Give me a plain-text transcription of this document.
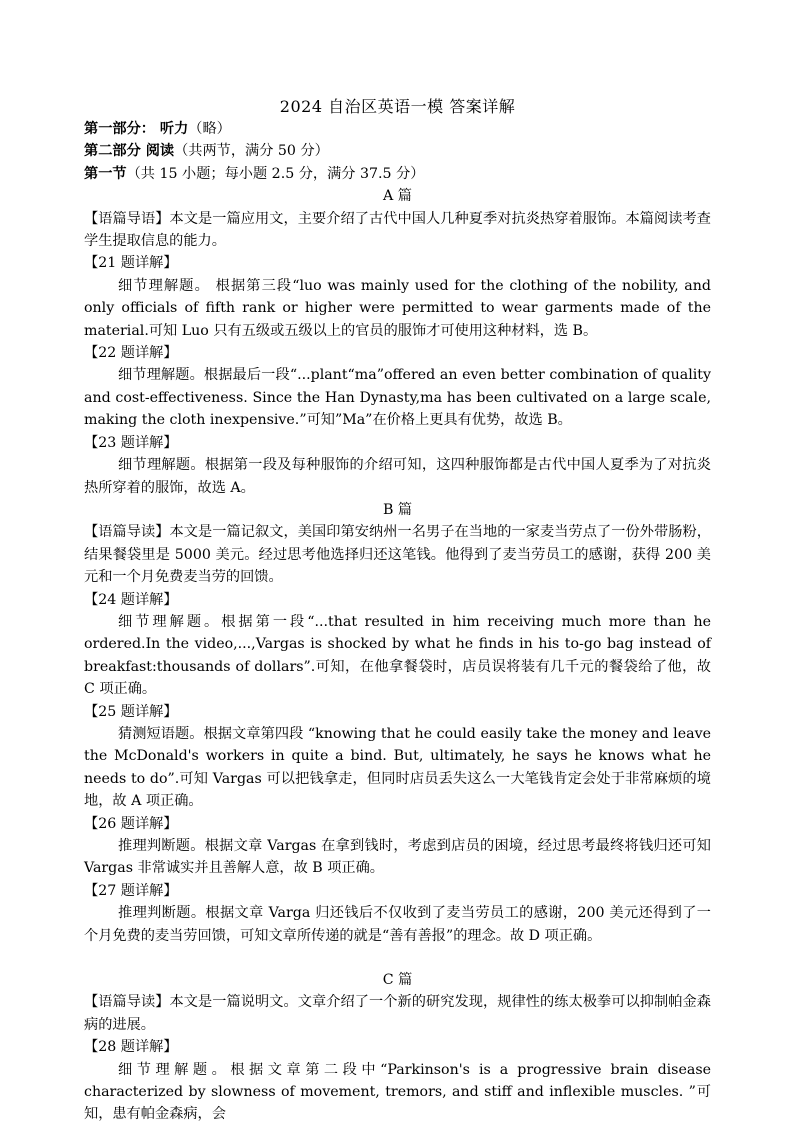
2024 自治区英语一模 答案详解
第一部分： 听力（略）
第二部分 阅读（共两节，满分 50 分）
第一节（共 15 小题；每小题 2.5 分，满分 37.5 分）
A 篇
【语篇导语】本文是一篇应用文，主要介绍了古代中国人几种夏季对抗炎热穿着服饰。本篇阅读考查学生提取信息的能力。
【21 题详解】
细节理解题。 根据第三段“luo was mainly used for the clothing of the nobility, and only officials of fifth rank or higher were permitted to wear garments made of the material.可知 Luo 只有五级或五级以上的官员的服饰才可使用这种材料，选 B。
【22 题详解】
细节理解题。根据最后一段“...plant“ma”offered an even better combination of quality and cost-effectiveness. Since the Han Dynasty,ma has been cultivated on a large scale, making the cloth inexpensive.”可知”Ma”在价格上更具有优势，故选 B。
【23 题详解】
细节理解题。根据第一段及每种服饰的介绍可知，这四种服饰都是古代中国人夏季为了对抗炎热所穿着的服饰，故选 A。
B 篇
【语篇导读】本文是一篇记叙文，美国印第安纳州一名男子在当地的一家麦当劳点了一份外带肠粉，结果餐袋里是 5000 美元。经过思考他选择归还这笔钱。他得到了麦当劳员工的感谢，获得 200 美元和一个月免费麦当劳的回馈。
【24 题详解】
细节理解题。根据第一段“...that resulted in him receiving much more than he ordered.In the video,...,Vargas is shocked by what he finds in his to-go bag instead of breakfast:thousands of dollars”.可知，在他拿餐袋时，店员误将装有几千元的餐袋给了他，故 C 项正确。
【25 题详解】
猜测短语题。根据文章第四段 “knowing that he could easily take the money and leave the McDonald's workers in quite a bind. But, ultimately, he says he knows what he needs to do”.可知 Vargas 可以把钱拿走，但同时店员丢失这么一大笔钱肯定会处于非常麻烦的境地，故 A 项正确。
【26 题详解】
推理判断题。根据文章 Vargas 在拿到钱时，考虑到店员的困境，经过思考最终将钱归还可知 Vargas 非常诚实并且善解人意，故 B 项正确。
【27 题详解】
推理判断题。根据文章 Varga 归还钱后不仅收到了麦当劳员工的感谢，200 美元还得到了一个月免费的麦当劳回馈，可知文章所传递的就是“善有善报”的理念。故 D 项正确。
C 篇
【语篇导读】本文是一篇说明文。文章介绍了一个新的研究发现，规律性的练太极拳可以抑制帕金森病的进展。
【28 题详解】
细节理解题。根据文章第二段中“Parkinson's is a progressive brain disease characterized by slowness of movement, tremors, and stiff and inflexible muscles. ”可知，患有帕金森病，会
